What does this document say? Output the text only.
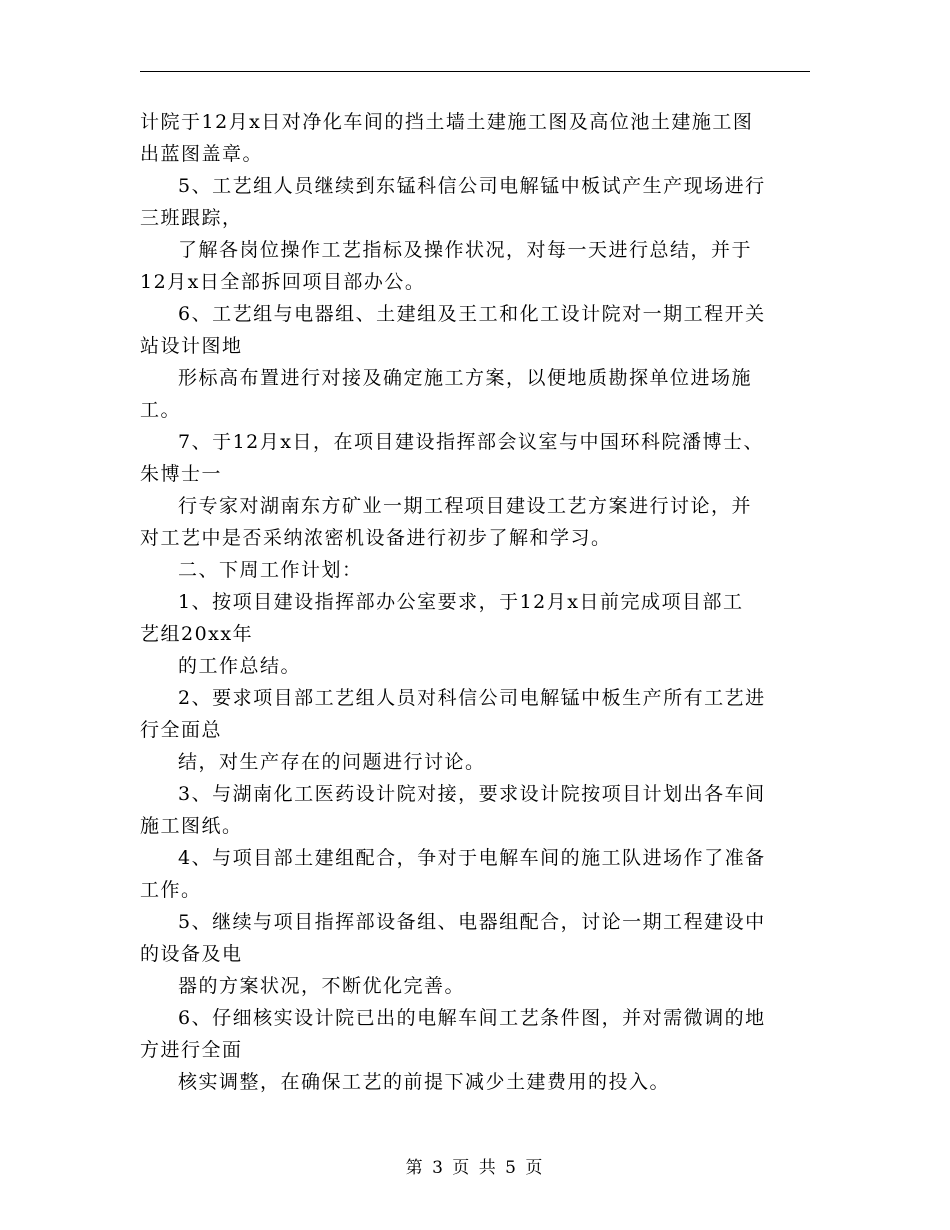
计院于12月x日对净化车间的挡土墙土建施工图及高位池土建施工图
出蓝图盖章。
5、工艺组人员继续到东锰科信公司电解锰中板试产生产现场进行
三班跟踪，
了解各岗位操作工艺指标及操作状况，对每一天进行总结，并于
12月x日全部拆回项目部办公。
6、工艺组与电器组、土建组及王工和化工设计院对一期工程开关
站设计图地
形标高布置进行对接及确定施工方案，以便地质勘探单位进场施
工。
7、于12月x日，在项目建设指挥部会议室与中国环科院潘博士、
朱博士一
行专家对湖南东方矿业一期工程项目建设工艺方案进行讨论，并
对工艺中是否采纳浓密机设备进行初步了解和学习。
二、下周工作计划：
1、按项目建设指挥部办公室要求，于12月x日前完成项目部工
艺组20xx年
的工作总结。
2、要求项目部工艺组人员对科信公司电解锰中板生产所有工艺进
行全面总
结，对生产存在的问题进行讨论。
3、与湖南化工医药设计院对接，要求设计院按项目计划出各车间
施工图纸。
4、与项目部土建组配合，争对于电解车间的施工队进场作了准备
工作。
5、继续与项目指挥部设备组、电器组配合，讨论一期工程建设中
的设备及电
器的方案状况，不断优化完善。
6、仔细核实设计院已出的电解车间工艺条件图，并对需微调的地
方进行全面
核实调整，在确保工艺的前提下减少土建费用的投入。
第 3 页 共 5 页
